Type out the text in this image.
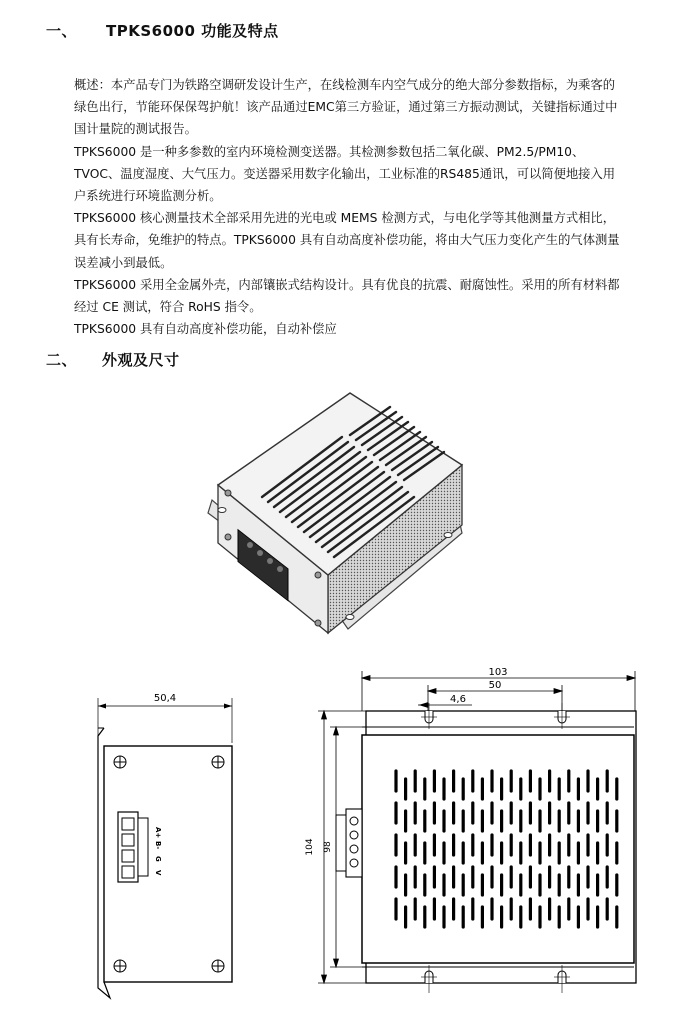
一、 TPKS6000 功能及特点

概述：本产品专门为铁路空调研发设计生产，在线检测车内空气成分的绝大部分参数指标，为乘客的绿色出行，节能环保保驾护航！该产品通过EMC第三方验证，通过第三方振动测试，关键指标通过中国计量院的测试报告。

TPKS6000 是一种多参数的室内环境检测变送器。其检测参数包括二氧化碳、PM2.5/PM10、TVOC、温度湿度、大气压力。变送器采用数字化输出，工业标准的RS485通讯，可以简便地接入用户系统进行环境监测分析。

TPKS6000 核心测量技术全部采用先进的光电或 MEMS 检测方式，与电化学等其他测量方式相比，具有长寿命，免维护的特点。TPKS6000 具有自动高度补偿功能，将由大气压力变化产生的气体测量误差减小到最低。

TPKS6000 采用全金属外壳，内部镶嵌式结构设计。具有优良的抗震、耐腐蚀性。采用的所有材料都经过 CE 测试，符合 RoHS 指令。

TPKS6000 具有自动高度补偿功能，自动补偿应

二、 外观及尺寸
50,4
A+
B-
G
V
103
50
4,6
104 98
